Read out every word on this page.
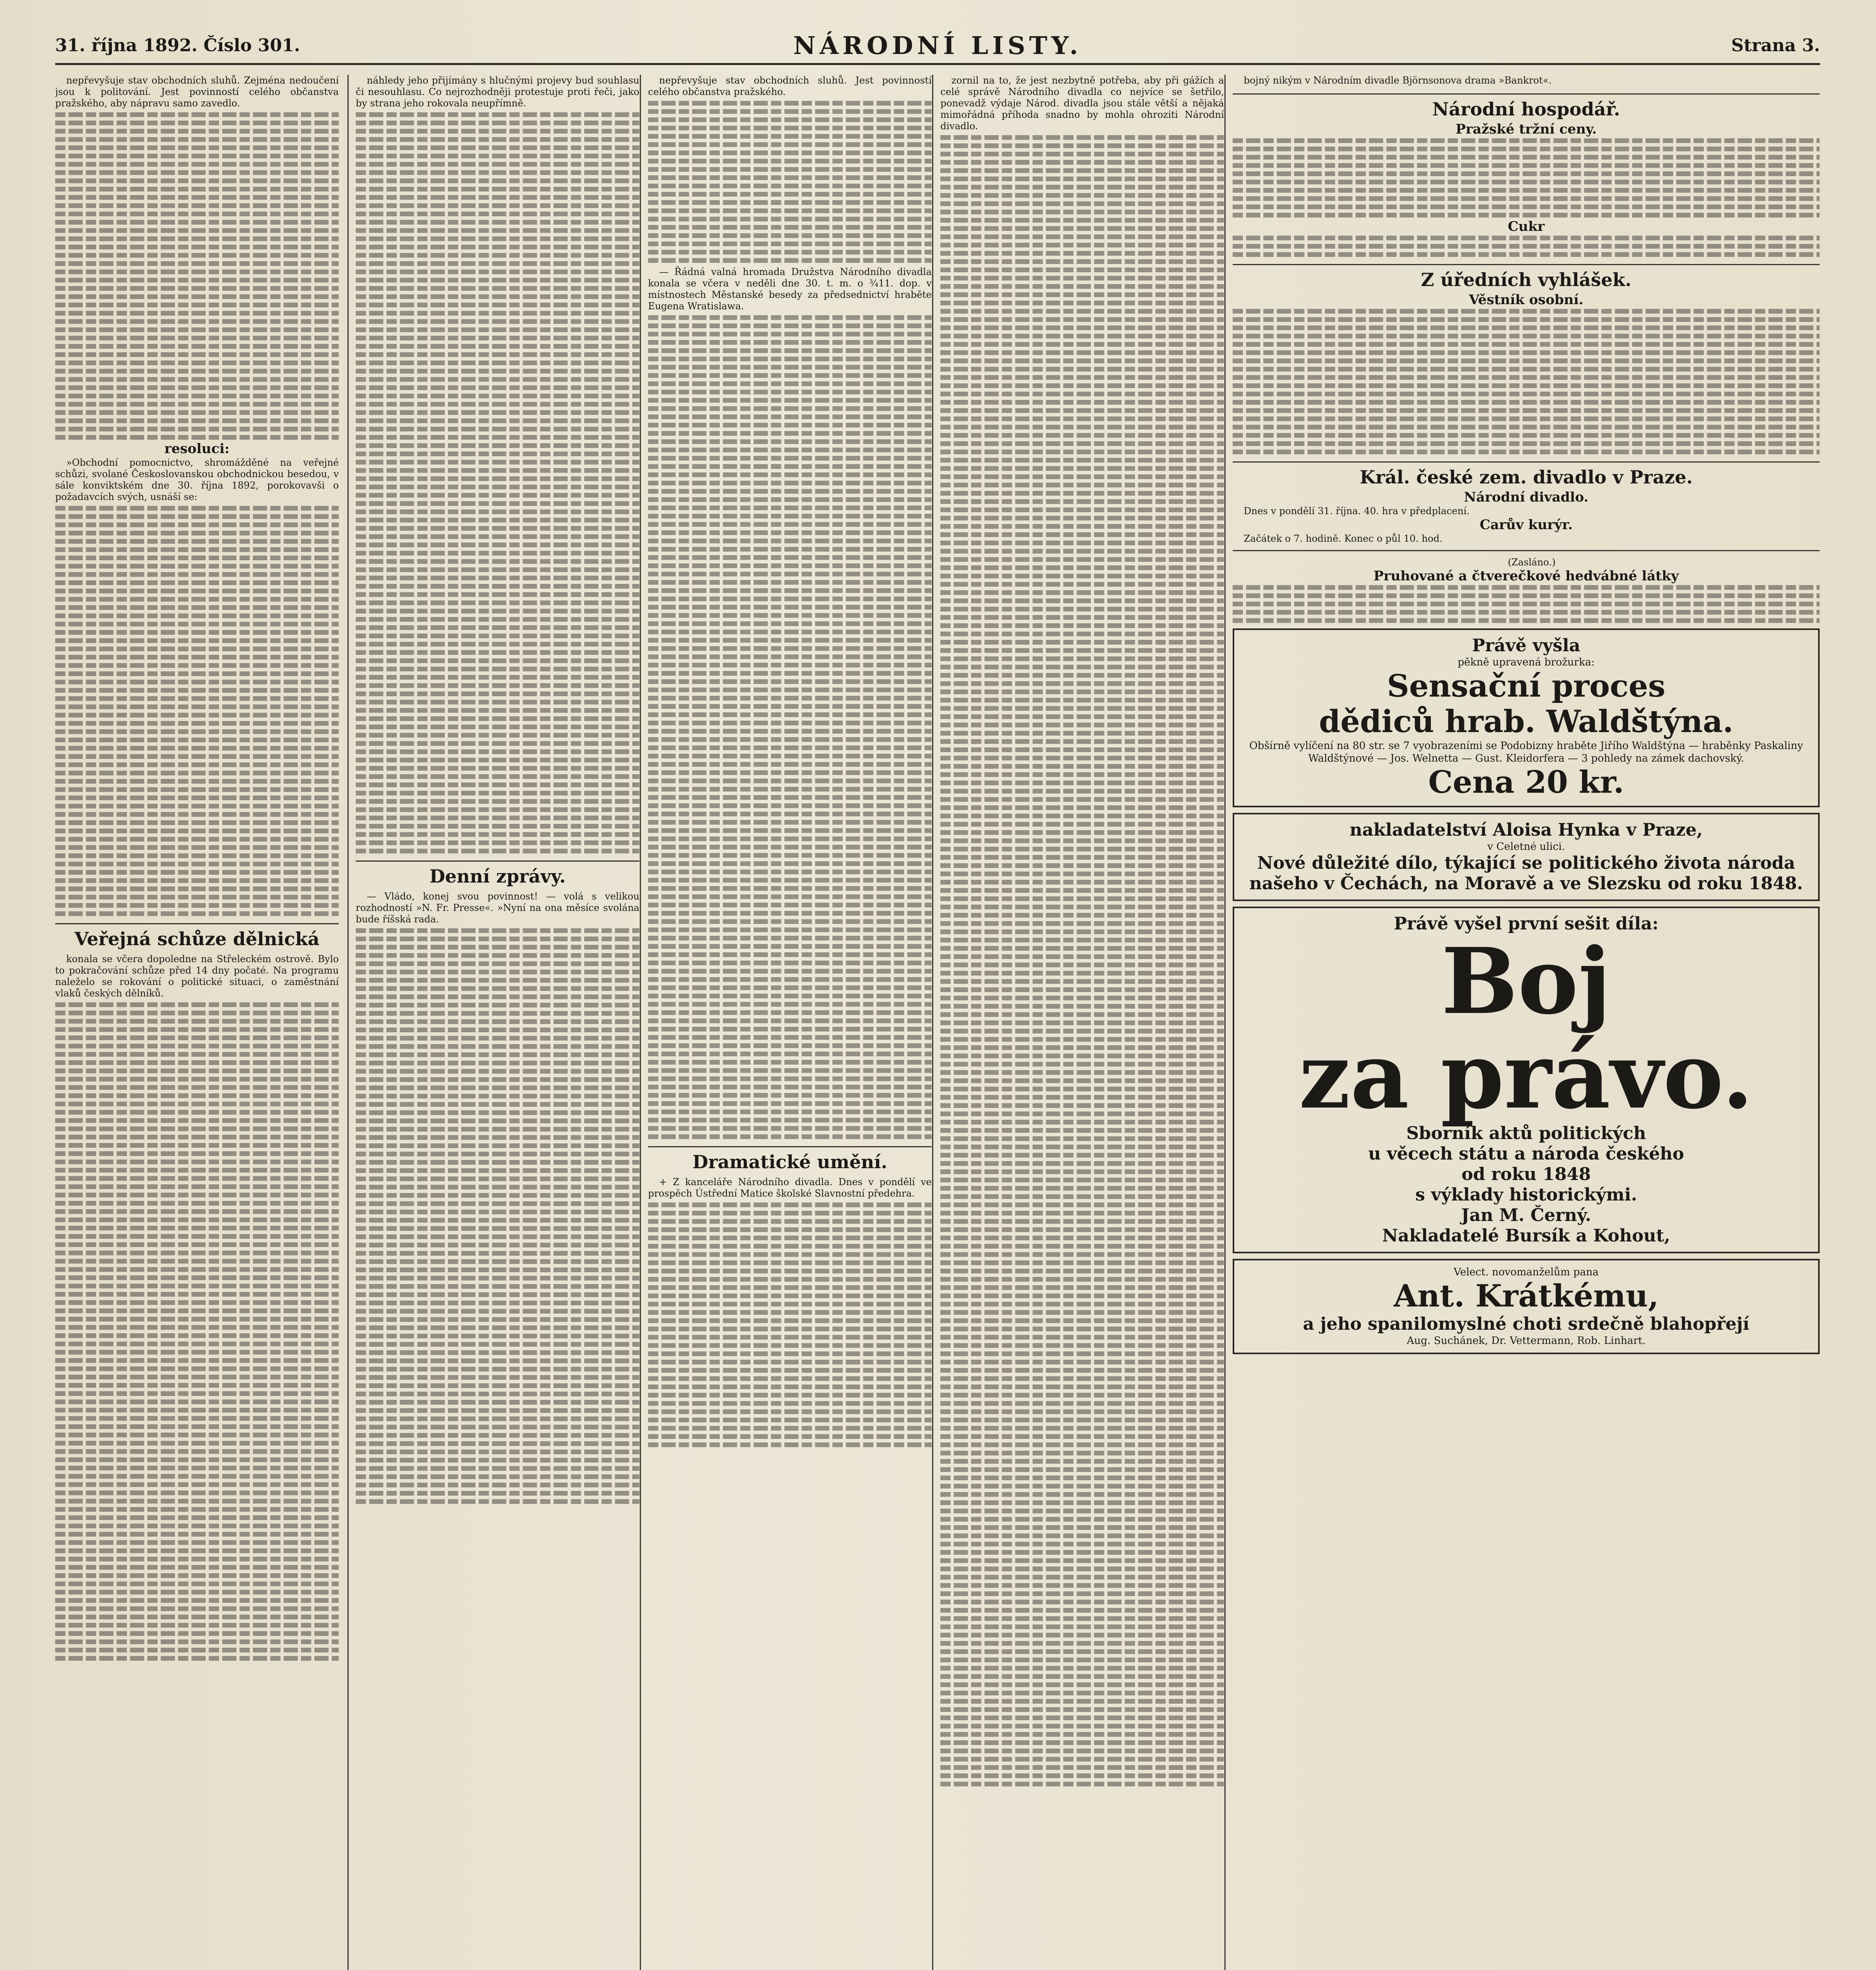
31. října 1892. Číslo 301.	NÁRODNÍ LISTY.	Strana 3.

nepřevyšuje stav obchodních sluhů. Zejména nedoučení jsou k politování. Jest povinností celého občanstva pražského, aby nápravu samo zavedlo.

resoluci:

»Obchodní pomocnictvo, shromážděné na veřejné schůzi, svolané Českoslovanskou obchodnickou besedou, v sále konviktském dne 30. října 1892, porokovavši o požadavcích svých, usnáší se:

Veřejná schůze dělnická

konala se včera dopoledne na Střeleckém ostrově. Bylo to pokračování schůze před 14 dny počaté. Na programu naleželo se rokování o politické situaci, o zaměstnání vlaků českých dělníků.

náhledy jeho přijímány s hlučnými projevy bud souhlasu či nesouhlasu. Co nejrozhodněji protestuje proti řeči, jako by strana jeho rokovala neupřímně.

Denní zprávy.

— Vládo, konej svou povinnost! — volá s velikou rozhodností »N. Fr. Presse«. »Nyní na ona měsíce svolána bude říšská rada.

nepřevyšuje stav obchodních sluhů. Jest povinností celého občanstva pražského.

— Řádná valná hromada Družstva Národního divadla konala se včera v neděli dne 30. t. m. o ¾11. dop. v místnostech Městanské besedy za předsednictví hraběte Eugena Wratislawa.

Dramatické umění.

+ Z kanceláře Národního divadla. Dnes v pondělí ve prospěch Ústřední Matice školské Slavnostní předehra.

zornil na to, že jest nezbytně potřeba, aby při gážích a celé správě Národního divadla co nejvíce se šetřilo, ponevadž výdaje Národ. divadla jsou stále větší a nějaká mimořádná příhoda snadno by mohla ohroziti Národní divadlo.

bojný nikým v Národním divadle Björnsonova drama »Bankrot«.

Národní hospodář.
Pražské tržní ceny.
Cukr
Z úředních vyhlášek.
Věstník osobní.
Král. české zem. divadlo v Praze.
Národní divadlo.

Dnes v pondělí 31. října. 40. hra v předplacení.

Carův kurýr.

Začátek o 7. hodině. Konec o půl 10. hod.

(Zasláno.)

Pruhované a čtverečkové hedvábné látky
Právě vyšla
pěkně upravená brožurka:
Sensační proces
dědiců hrab. Waldštýna.
Obšírně vylíčení na 80 str. se 7 vyobrazeními se Podobizny hraběte Jiřího Waldštýna — hraběnky Paskaliny Waldštýnové — Jos. Welnetta — Gust. Kleidorfera — 3 pohledy na zámek dachovský.
Cena 20 kr.
nakladatelství Aloisa Hynka v Praze,
v Celetné ulici.
Nové důležité dílo, týkající se politického života národa našeho v Čechách, na Moravě a ve Slezsku od roku 1848.
Právě vyšel první sešit díla:
Boj
za právo.
Sborník aktů politických
u věcech státu a národa českého
od roku 1848
s výklady historickými.
Jan M. Černý.
Nakladatelé Bursík a Kohout,
Velect. novomanželům pana
Ant. Krátkému,
a jeho spanilomyslné choti srdečně blahopřejí
Aug. Suchánek, Dr. Vettermann, Rob. Linhart.
